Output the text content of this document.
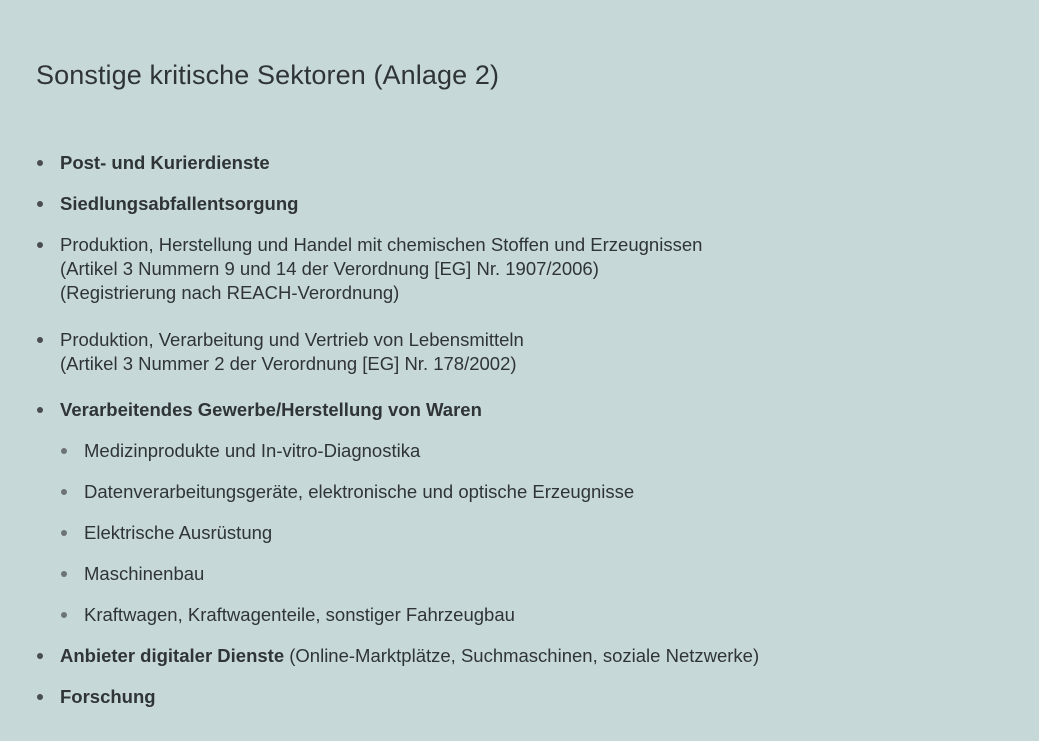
Sonstige kritische Sektoren (Anlage 2)
Post- und Kurierdienste
Siedlungsabfallentsorgung
Produktion, Herstellung und Handel mit chemischen Stoffen und Erzeugnissen
(Artikel 3 Nummern 9 und 14 der Verordnung [EG] Nr. 1907/2006)
(Registrierung nach REACH-Verordnung)
Produktion, Verarbeitung und Vertrieb von Lebensmitteln
(Artikel 3 Nummer 2 der Verordnung [EG] Nr. 178/2002)
Verarbeitendes Gewerbe/Herstellung von Waren
Medizinprodukte und In-vitro-Diagnostika
Datenverarbeitungsgeräte, elektronische und optische Erzeugnisse
Elektrische Ausrüstung
Maschinenbau
Kraftwagen, Kraftwagenteile, sonstiger Fahrzeugbau
Anbieter digitaler Dienste (Online-Marktplätze, Suchmaschinen, soziale Netzwerke)
Forschung
